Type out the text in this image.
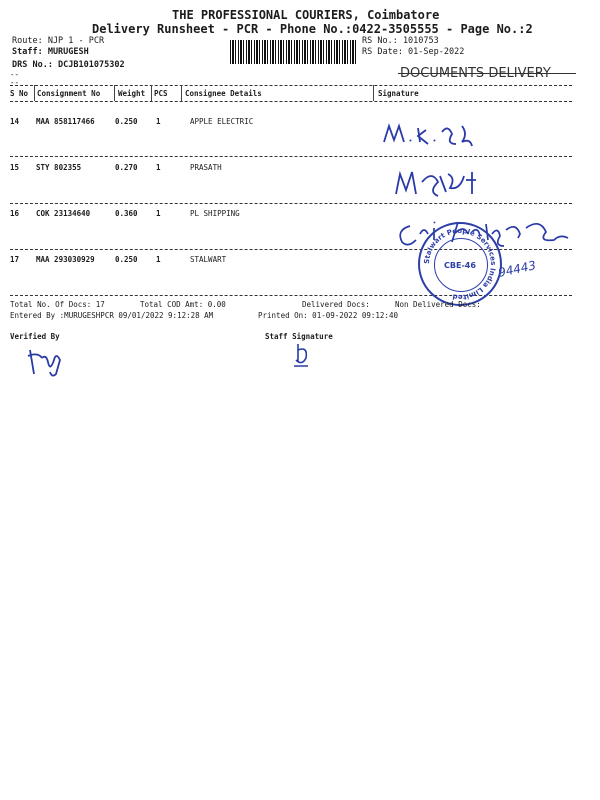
THE PROFESSIONAL COURIERS, Coimbatore
Delivery Runsheet - PCR - Phone No.:0422-3505555 - Page No.:2
Route: NJP 1 - PCR
Staff: MURUGESH
DRS No.: DCJB101075302
RS No.: 1010753
RS Date: 01-Sep-2022
DOCUMENTS DELIVERY
--
--
S No Consignment No Weight PCS Consignee Details	Signature
14 MAA 858117466	0.250 1	APPLE ELECTRIC
15 STY 802355	0.270 1	PRASATH
16 COK 23134640	0.360 1	PL SHIPPING
17 MAA 293030929	0.250 1	STALWART	94443
Stalwart People Services India Limited
CBE-46
Total No. Of Docs: 17	Total COD Amt: 0.00	Delivered Docs:	Non Delivered Docs:
Entered By :MURUGESHPCR 09/01/2022 9:12:28 AM	Printed On: 01-09-2022 09:12:40
Verified By	Staff Signature
